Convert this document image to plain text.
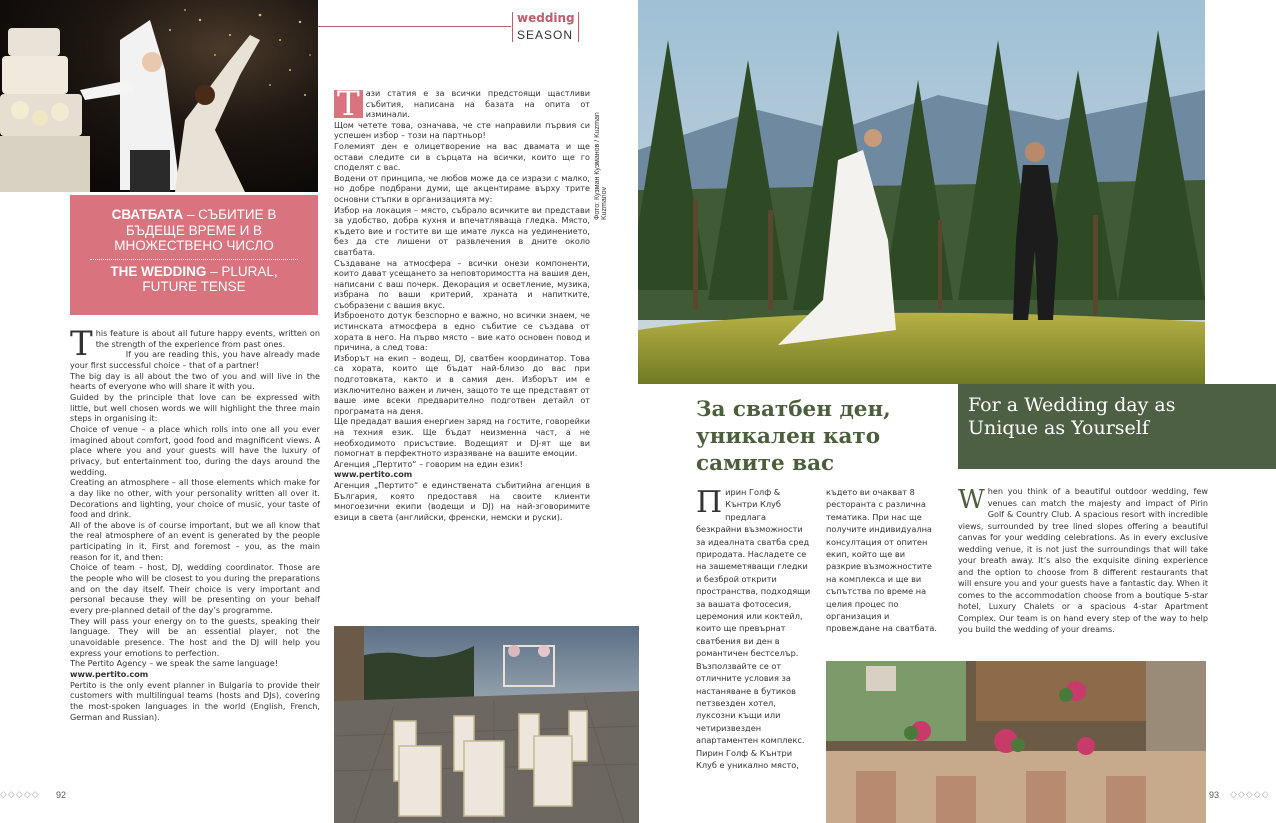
wedding
SEASON
СВАТБАТА – СЪБИТИЕ В БЪДЕЩЕ ВРЕМЕ И В МНОЖЕСТВЕНО ЧИСЛО
THE WEDDING – PLURAL, FUTURE TENSE
T his feature is about all future happy events, written on the strength of the experience from past ones.

If you are reading this, you have already made your first successful choice – that of a partner!

The big day is all about the two of you and will live in the hearts of everyone who will share it with you.

Guided by the principle that love can be expressed with little, but well chosen words we will highlight the three main steps in organising it:

Choice of venue – a place which rolls into one all you ever imagined about comfort, good food and magnificent views. A place where you and your guests will have the luxury of privacy, but entertainment too, during the days around the wedding.

Creating an atmosphere – all those elements which make for a day like no other, with your personality written all over it. Decorations and lighting, your choice of music, your taste of food and drink.

All of the above is of course important, but we all know that the real atmosphere of an event is generated by the people participating in it. First and foremost – you, as the main reason for it, and then:

Choice of team – host, DJ, wedding coordinator. Those are the people who will be closest to you during the preparations and on the day itself. Their choice is very important and personal because they will be presenting on your behalf every pre-planned detail of the day’s programme.

They will pass your energy on to the guests, speaking their language. They will be an essential player, not the unavoidable presence. The host and the DJ will help you express your emotions to perfection.

The Pertito Agency – we speak the same language!

www.pertito.com

Pertito is the only event planner in Bulgaria to provide their customers with multilingual teams (hosts and DJs), covering the most-spoken languages in the world (English, French, German and Russian).

Т ази статия е за всички предстоящи щастливи събития, написана на базата на опита от изминали.

Щом четете това, означава, че сте направили първия си успешен избор – този на партньор!

Големият ден е олицетворение на вас двамата и ще остави следите си в сърцата на всички, които ще го споделят с вас.

Водени от принципа, че любов може да се изрази с малко, но добре подбрани думи, ще акцентираме върху трите основни стъпки в организацията му:

Избор на локация – място, събрало всичките ви представи за удобство, добра кухня и впечатляваща гледка. Място, където вие и гостите ви ще имате лукса на уединението, без да сте лишени от развлечения в дните около сватбата.

Създаване на атмосфера – всички онези компоненти, които дават усещането за неповторимостта на вашия ден, написани с ваш почерк. Декорация и осветление, музика, избрана по ваши критерий, храната и напитките, съобразени с вашия вкус.

Изброеното дотук безспорно е важно, но всички знаем, че истинската атмосфера в едно събитие се създава от хората в него. На първо място – вие като основен повод и причина, а след това:

Изборът на екип – водещ, DJ, сватбен координатор. Това са хората, които ще бъдат най-близо до вас при подготовката, както и в самия ден. Изборът им е изключително важен и личен, защото те ще представят от ваше име всеки предварително подготвен детайл от програмата на деня.

Ще предадат вашия енергиен заряд на гостите, говорейки на техния език. Ще бъдат неизменна част, а не необходимото присъствие. Водещият и DJ-ят ще ви помогнат в перфектното изразяване на вашите емоции.

Агенция „Пертито“ – говорим на един език!

www.pertito.com

Агенция „Пертито“ е единствената събитийна агенция в България, която предоставя на своите клиенти многоезични екипи (водещи и DJ) на най-зговоримите езици в света (английски, френски, немски и руски).

Фото: Кузман Кузманов / Kuzman Kuzmanov
92
◇◇◇◇◇
За сватбен ден, уникален като самите вас
For a Wedding day as Unique as Yourself
П ирин Голф & Кънтри Клуб предлага безкрайни възможности за идеалната сватба сред природата. Насладете се на зашеметяващи гледки и безброй открити пространства, подходящи за вашата фотосесия, церемония или коктейл, които ще превърнат сватбения ви ден в романтичен бестселър. Възползвайте се от отличните условия за настаняване в бутиков петзвезден хотел, луксозни къщи или четиризвезден апартаментен комплекс. Пирин Голф & Кънтри Клуб е уникално място,
където ви очакват 8 ресторанта с различна тематика. При нас ще получите индивидуална консултация от опитен екип, който ще ви разкрие възможностите на комплекса и ще ви съпътства по време на целия процес по организация и провеждане на сватбата.
W hen you think of a beautiful outdoor wedding, few venues can match the majesty and impact of Pirin Golf & Country Club. A spacious resort with incredible views, surrounded by tree lined slopes offering a beautiful canvas for your wedding celebrations. As in every exclusive wedding venue, it is not just the surroundings that will take your breath away. It’s also the exquisite dining experience and the option to choose from 8 different restaurants that will ensure you and your guests have a fantastic day. When it comes to the accommodation choose from a boutique 5-star hotel, Luxury Chalets or a spacious 4-star Apartment Complex. Our team is on hand every step of the way to help you build the wedding of your dreams.
93 ◇◇◇◇◇
